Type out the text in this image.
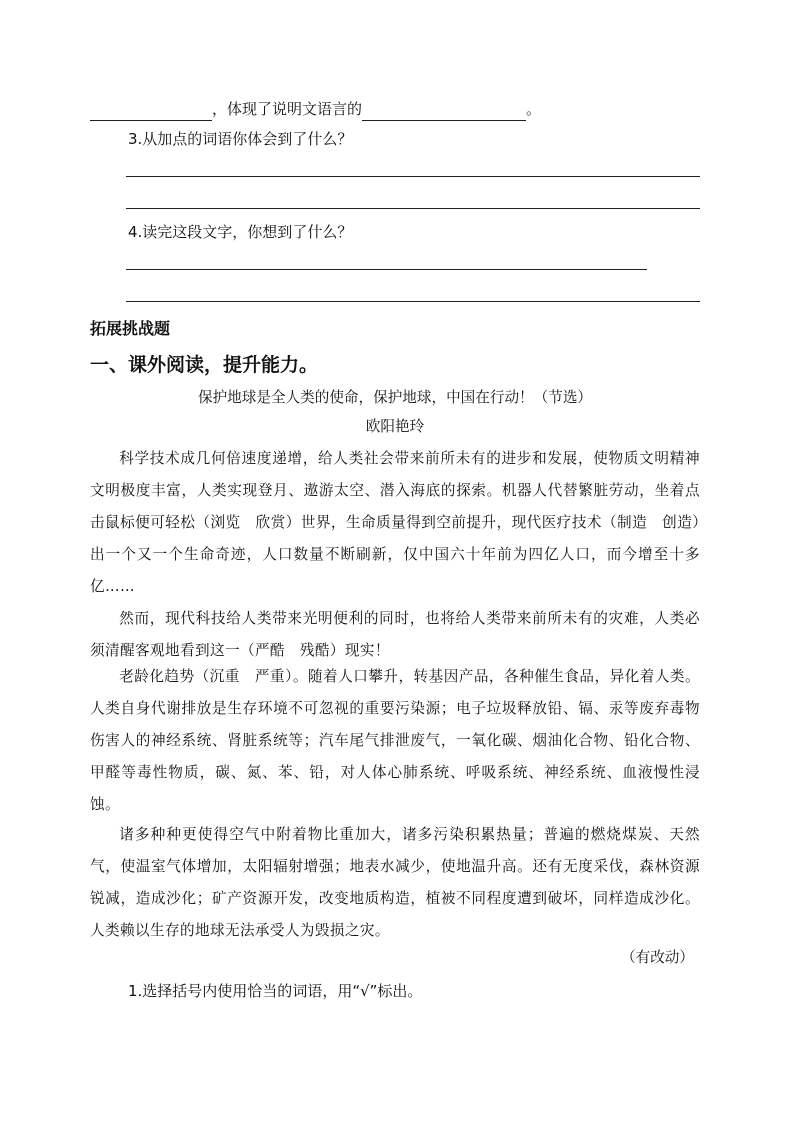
，体现了说明文语言的	。
3.从加点的词语你体会到了什么？
4.读完这段文字，你想到了什么？
拓展挑战题
一、课外阅读，提升能力。
保护地球是全人类的使命，保护地球，中国在行动！（节选）
欧阳艳玲
科学技术成几何倍速度递增，给人类社会带来前所未有的进步和发展，使物质文明精神文明极度丰富，人类实现登月、遨游太空、潜入海底的探索。机器人代替繁脏劳动，坐着点击鼠标便可轻松（浏览　欣赏）世界，生命质量得到空前提升，现代医疗技术（制造　创造）出一个又一个生命奇迹，人口数量不断刷新，仅中国六十年前为四亿人口，而今增至十多亿……
然而，现代科技给人类带来光明便利的同时，也将给人类带来前所未有的灾难，人类必须清醒客观地看到这一（严酷　残酷）现实！
老龄化趋势（沉重　严重）。随着人口攀升，转基因产品，各种催生食品，异化着人类。人类自身代谢排放是生存环境不可忽视的重要污染源；电子垃圾释放铅、镉、汞等废弃毒物伤害人的神经系统、肾脏系统等；汽车尾气排泄废气，一氧化碳、烟油化合物、铅化合物、甲醛等毒性物质，碳、氮、苯、铅，对人体心肺系统、呼吸系统、神经系统、血液慢性浸蚀。
诸多种种更使得空气中附着物比重加大，诸多污染积累热量；普遍的燃烧煤炭、天然气，使温室气体增加，太阳辐射增强；地表水减少，使地温升高。还有无度采伐，森林资源锐减，造成沙化；矿产资源开发，改变地质构造，植被不同程度遭到破坏，同样造成沙化。人类赖以生存的地球无法承受人为毁损之灾。
（有改动）
1.选择括号内使用恰当的词语，用“√”标出。
